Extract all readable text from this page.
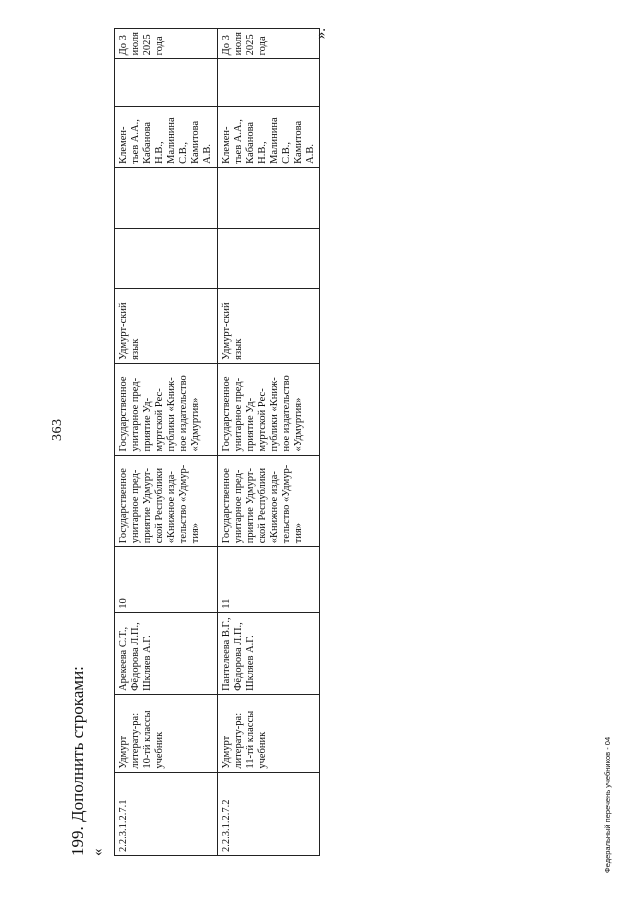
363
199. Дополнить строками: «
2.2.3.1.2.7.1	Удмурт литерату-ра: 10-тӥ классы учебник	Арекеева С.Т., Фёдорова Л.П., Шкляев А.Г.	10	Государственное унитарное пред-приятие Удмурт-ской Республики «Книжное изда-тельство «Удмур-тия»	Государственное унитарное пред-приятие Уд-муртской Рес-публики «Книж-ное издательство «Удмуртия»	Удмурт-ский язык			Клемен-тьев А.А., Кабанова Н.В., Малинина С.В., Камитова А.В.		До 3 июля 2025 года
2.2.3.1.2.7.2	Удмурт литерату-ра: 11-тӥ классы учебник	Пантелеева В.Г., Фёдорова Л.П., Шкляев А.Г.	11	Государственное унитарное пред-приятие Удмурт-ской Республики «Книжное изда-тельство «Удмур-тия»	Государственное унитарное пред-приятие Уд-муртской Рес-публики «Книж-ное издательство «Удмуртия»	Удмурт-ский язык			Клемен-тьев А.А., Кабанова Н.В., Малинина С.В., Камитова А.В.		До 3 июля 2025 года
».
Федеральный перечень учебников - 04
